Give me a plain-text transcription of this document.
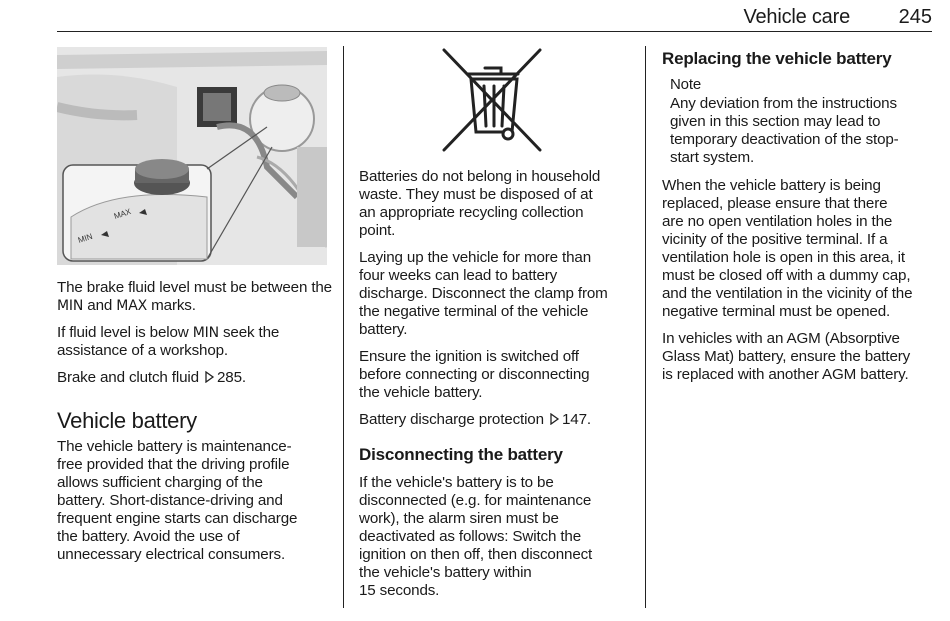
Vehicle care 245
MAX
MIN

The brake fluid level must be between the MIN and MAX marks.

If fluid level is below MIN seek the assistance of a workshop.

Brake and clutch fluid 285.

Vehicle battery

The vehicle battery is maintenance-
free provided that the driving profile
allows sufficient charging of the
battery. Short-distance-driving and
frequent engine starts can discharge
the battery. Avoid the use of
unnecessary electrical consumers.

Batteries do not belong in household
waste. They must be disposed of at
an appropriate recycling collection
point.

Laying up the vehicle for more than
four weeks can lead to battery
discharge. Disconnect the clamp from
the negative terminal of the vehicle
battery.

Ensure the ignition is switched off
before connecting or disconnecting
the vehicle battery.

Battery discharge protection 147.

Disconnecting the battery

If the vehicle's battery is to be
disconnected (e.g. for maintenance
work), the alarm siren must be
deactivated as follows: Switch the
ignition on then off, then disconnect
the vehicle's battery within
15 seconds.

Replacing the vehicle battery
Note
Any deviation from the instructions
given in this section may lead to
temporary deactivation of the stop-
start system.

When the vehicle battery is being
replaced, please ensure that there
are no open ventilation holes in the
vicinity of the positive terminal. If a
ventilation hole is open in this area, it
must be closed off with a dummy cap,
and the ventilation in the vicinity of the
negative terminal must be opened.

In vehicles with an AGM (Absorptive
Glass Mat) battery, ensure the battery
is replaced with another AGM battery.
